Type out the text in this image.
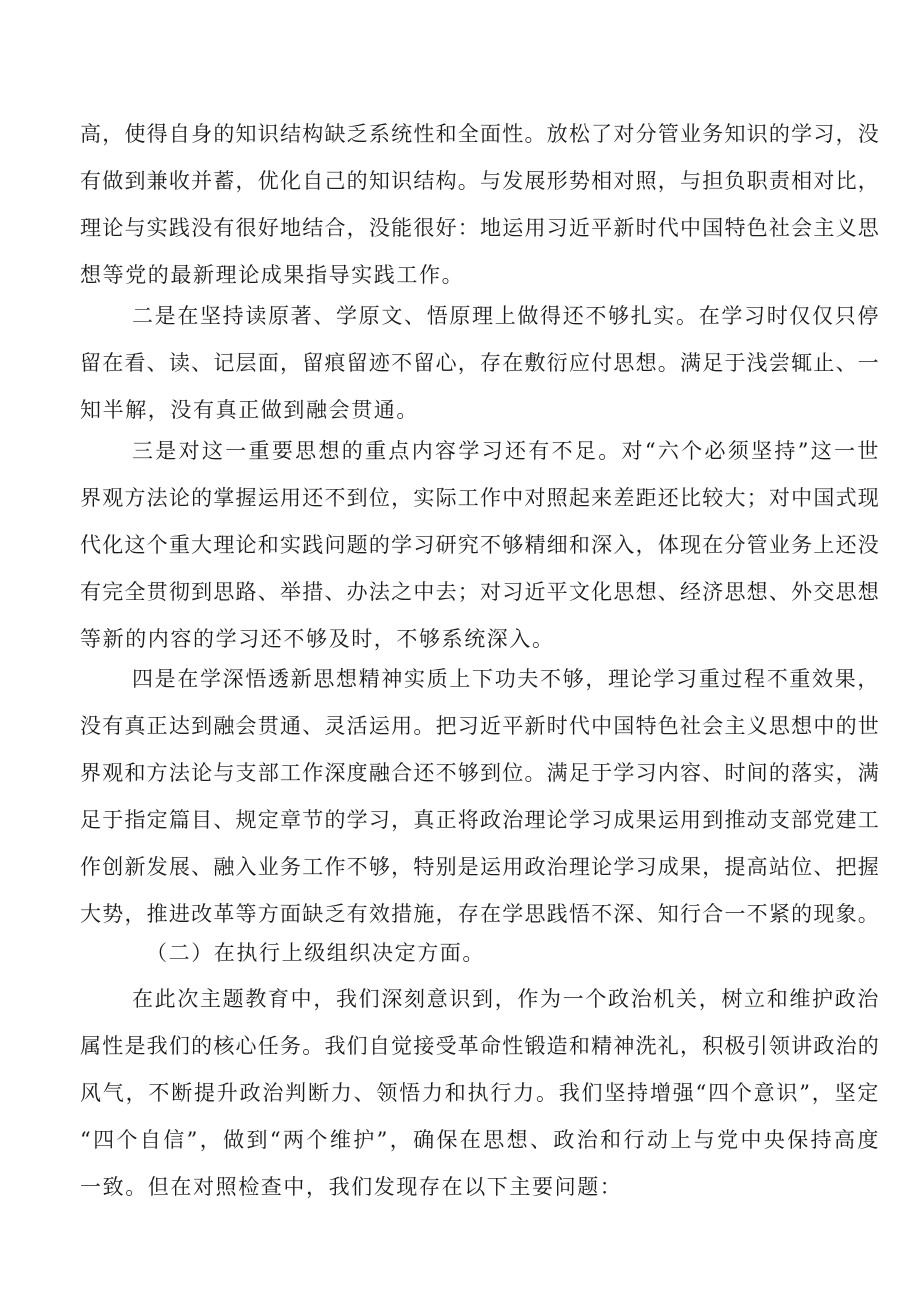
高，使得自身的知识结构缺乏系统性和全面性。放松了对分管业务知识的学习，没
有做到兼收并蓄，优化自己的知识结构。与发展形势相对照，与担负职责相对比，
理论与实践没有很好地结合，没能很好：地运用习近平新时代中国特色社会主义思
想等党的最新理论成果指导实践工作。
二是在坚持读原著、学原文、悟原理上做得还不够扎实。在学习时仅仅只停
留在看、读、记层面，留痕留迹不留心，存在敷衍应付思想。满足于浅尝辄止、一
知半解，没有真正做到融会贯通。
三是对这一重要思想的重点内容学习还有不足。对“六个必须坚持”这一世
界观方法论的掌握运用还不到位，实际工作中对照起来差距还比较大；对中国式现
代化这个重大理论和实践问题的学习研究不够精细和深入，体现在分管业务上还没
有完全贯彻到思路、举措、办法之中去；对习近平文化思想、经济思想、外交思想
等新的内容的学习还不够及时，不够系统深入。
四是在学深悟透新思想精神实质上下功夫不够，理论学习重过程不重效果，
没有真正达到融会贯通、灵活运用。把习近平新时代中国特色社会主义思想中的世
界观和方法论与支部工作深度融合还不够到位。满足于学习内容、时间的落实，满
足于指定篇目、规定章节的学习，真正将政治理论学习成果运用到推动支部党建工
作创新发展、融入业务工作不够，特别是运用政治理论学习成果，提高站位、把握
大势，推进改革等方面缺乏有效措施，存在学思践悟不深、知行合一不紧的现象。
（二）在执行上级组织决定方面。
在此次主题教育中，我们深刻意识到，作为一个政治机关，树立和维护政治
属性是我们的核心任务。我们自觉接受革命性锻造和精神洗礼，积极引领讲政治的
风气，不断提升政治判断力、领悟力和执行力。我们坚持增强“四个意识”，坚定
“四个自信”，做到“两个维护”，确保在思想、政治和行动上与党中央保持高度
一致。但在对照检查中，我们发现存在以下主要问题：
